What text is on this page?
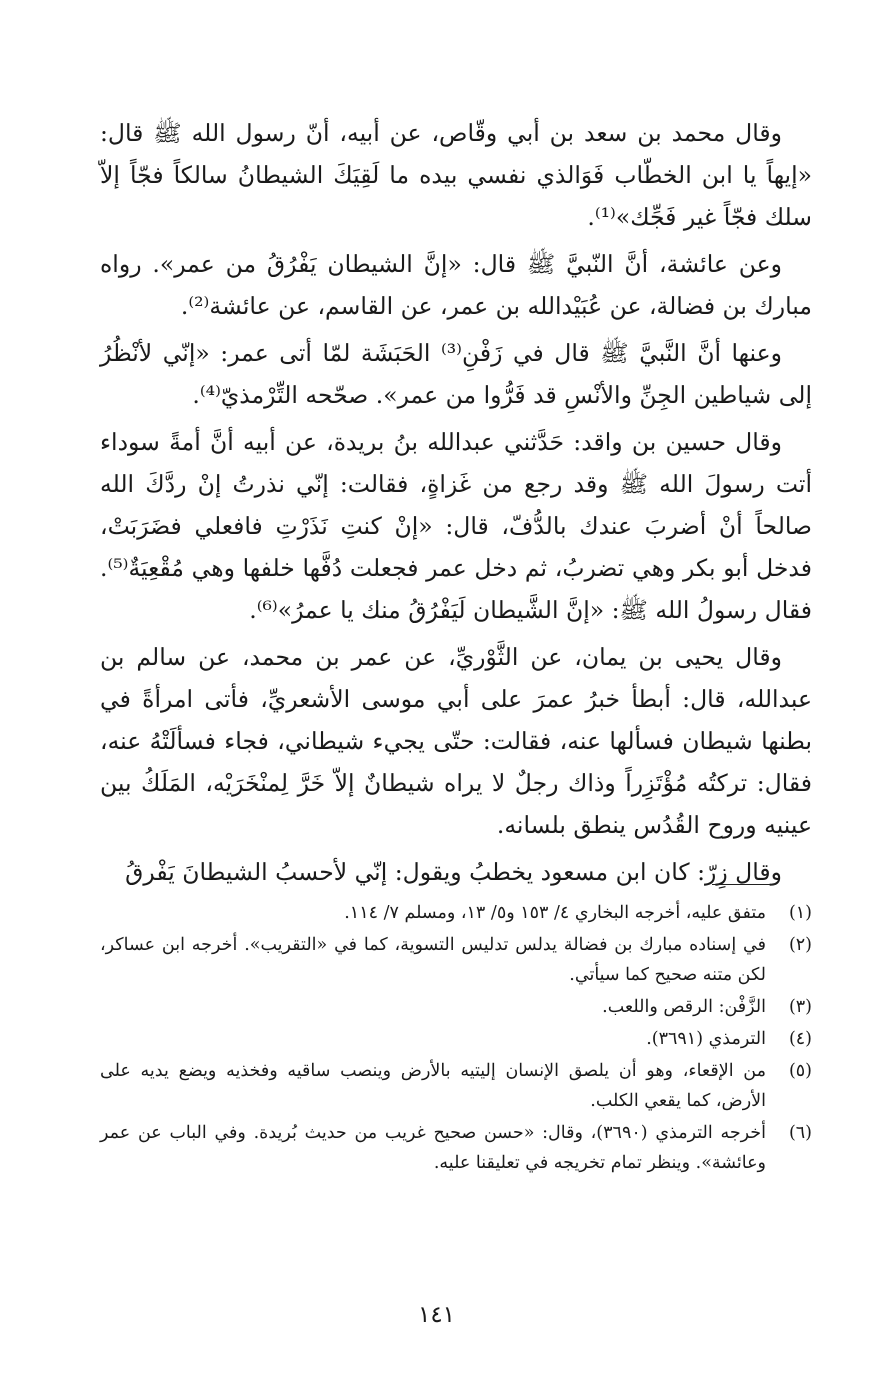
وقال محمد بن سعد بن أبي وقّاص، عن أبيه، أنّ رسول الله ﷺ قال: «إيهاً يا ابن الخطّاب فَوَالذي نفسي بيده ما لَقِيَكَ الشيطانُ سالكاً فجّاً إلاّ سلك فجّاً غير فَجِّك»⁽¹⁾.

وعن عائشة، أنَّ النّبيَّ ﷺ قال: «إنَّ الشيطان يَفْرُقُ من عمر». رواه مبارك بن فضالة، عن عُبَيْدالله بن عمر، عن القاسم، عن عائشة⁽²⁾.

وعنها أنَّ النَّبيَّ ﷺ قال في زَفْنِ⁽³⁾ الحَبَشَة لمّا أتى عمر: «إنّي لأنْظُرُ إلى شياطين الجِنِّ والأنْسِ قد فَرُّوا من عمر». صحّحه التِّرْمذيّ⁽⁴⁾.

وقال حسين بن واقد: حَدَّثني عبدالله بنُ بريدة، عن أبيه أنَّ أمةً سوداء أتت رسولَ الله ﷺ وقد رجع من غَزاةٍ، فقالت: إنّي نذرتُ إنْ ردَّكَ الله صالحاً أنْ أضربَ عندك بالدُّفّ، قال: «إنْ كنتِ نَذَرْتِ فافعلي فضَرَبَتْ، فدخل أبو بكر وهي تضربُ، ثم دخل عمر فجعلت دُفَّها خلفها وهي مُقْعِيَةٌ⁽⁵⁾. فقال رسولُ الله ﷺ: «إنَّ الشَّيطان لَيَفْرُقُ منك يا عمرُ»⁽⁶⁾.

وقال يحيى بن يمان، عن الثَّوْريِّ، عن عمر بن محمد، عن سالم بن عبدالله، قال: أبطأ خبرُ عمرَ على أبي موسى الأشعريِّ، فأتى امرأةً في بطنها شيطان فسألها عنه، فقالت: حتّى يجيء شيطاني، فجاء فسألَتْهُ عنه، فقال: تركتُه مُؤْتَزِراً وذاك رجلٌ لا يراه شيطانٌ إلاّ خَرَّ لِمنْخَرَيْه، المَلَكُ بين عينيه وروح القُدُس ينطق بلسانه.

وقال زِرّ: كان ابن مسعود يخطبُ ويقول: إنّي لأحسبُ الشيطانَ يَفْرقُ

(١)
متفق عليه، أخرجه البخاري ٤/ ١٥٣ و٥/ ١٣، ومسلم ٧/ ١١٤.
(٢)
في إسناده مبارك بن فضالة يدلس تدليس التسوية، كما في «التقريب». أخرجه ابن عساكر، لكن متنه صحيح كما سيأتي.
(٣)
الزَّفْن: الرقص واللعب.
(٤)
الترمذي (٣٦٩١).
(٥)
من الإقعاء، وهو أن يلصق الإنسان إليتيه بالأرض وينصب ساقيه وفخذيه ويضع يديه على الأرض، كما يقعي الكلب.
(٦)
أخرجه الترمذي (٣٦٩٠)، وقال: «حسن صحيح غريب من حديث بُريدة. وفي الباب عن عمر وعائشة». وينظر تمام تخريجه في تعليقنا عليه.
١٤١
